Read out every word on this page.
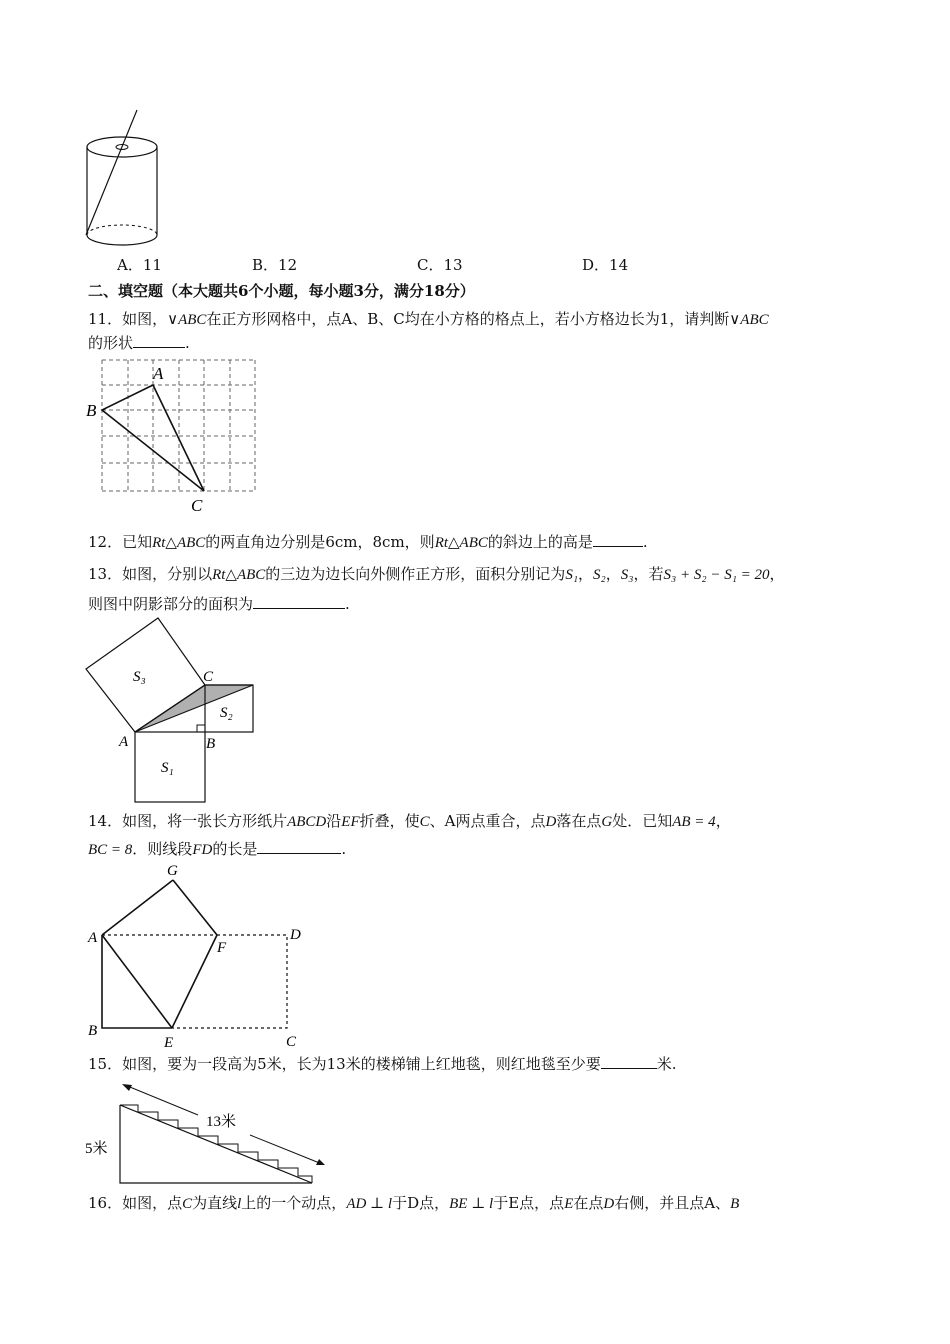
A．11	B．12	C．13	D．14
二、填空题（本大题共6个小题，每小题3分，满分18分）
11．如图，∨ABC在正方形网格中，点A、B、C均在小方格的格点上，若小方格边长为1，请判断∨ABC
的形状	.
A
B
C
12．已知Rt△ABC的两直角边分别是6cm，8cm，则Rt△ABC的斜边上的高是	.
13．如图，分别以Rt△ABC的三边为边长向外侧作正方形，面积分别记为S₁，S₂，S₃，若S₃ + S₂ − S₁ = 20，
则图中阴影部分的面积为	.
S₃
S₂
S₁
A	B
C
14．如图，将一张长方形纸片ABCD沿EF折叠，使C、A两点重合，点D落在点G处．已知AB = 4，
BC = 8．则线段FD的长是	.
A
B
C
D
E
F
G
15．如图，要为一段高为5米，长为13米的楼梯铺上红地毯，则红地毯至少要	米.
13米
5米
16．如图，点C为直线l上的一个动点，AD ⊥ l于D点，BE ⊥ l于E点，点E在点D右侧，并且点A、B
